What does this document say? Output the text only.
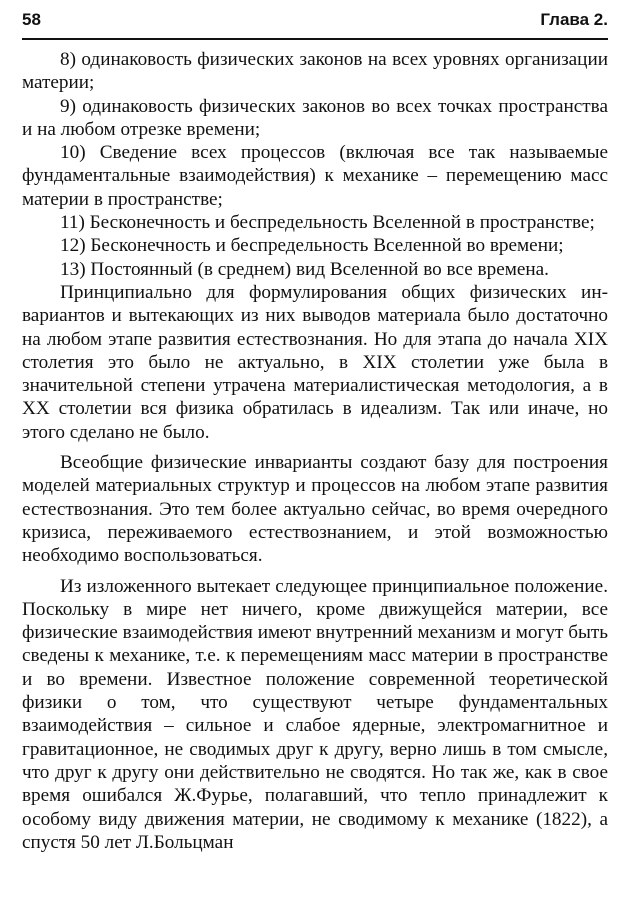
58	Глава 2.

8) одинаковость физических законов на всех уровнях организации материи;

9) одинаковость физических законов во всех точках пространства и на любом отрезке времени;

10) Сведение всех процессов (включая все так называемые фундаментальные взаимодействия) к механике – перемещению масс материи в пространстве;

11) Бесконечность и беспредельность Вселенной в пространстве;

12) Бесконечность и беспредельность Вселенной во времени;

13) Постоянный (в среднем) вид Вселенной во все времена.

Принципиально для формулирования общих физических инвариантов и вытекающих из них выводов материала было достаточно на любом этапе развития естествознания. Но для этапа до начала XIX столетия это было не актуально, в XIX столетии уже была в значительной степени утрачена материалистическая методология, а в XX столетии вся физика обратилась в идеализм. Так или иначе, но этого сделано не было.

Всеобщие физические инварианты создают базу для построения моделей материальных структур и процессов на любом этапе развития естествознания. Это тем более актуально сейчас, во время очередного кризиса, переживаемого естествознанием, и этой возможностью необходимо воспользоваться.

Из изложенного вытекает следующее принципиальное положение. Поскольку в мире нет ничего, кроме движущейся материи, все физические взаимодействия имеют внутренний механизм и могут быть сведены к механике, т.е. к перемещениям масс материи в пространстве и во времени. Известное положение современной теоретической физики о том, что существуют четыре фундаментальных взаимодействия – сильное и слабое ядерные, электромагнитное и гравитационное, не сводимых друг к другу, верно лишь в том смысле, что друг к другу они действительно не сводятся. Но так же, как в свое время ошибался Ж.Фурье, полагавший, что тепло принадлежит к особому виду движения материи, не сводимому к механике (1822), а спустя 50 лет Л.Больцман
